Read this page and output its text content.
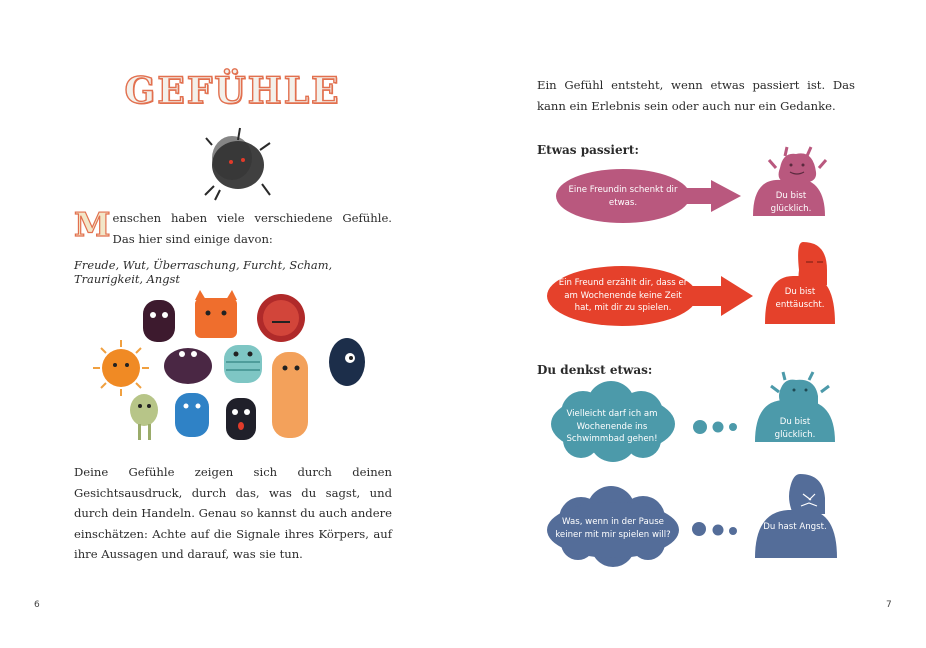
GEFÜHLE
Menschen haben viele verschiedene Gefühle. Das hier sind einige davon:
Freude, Wut, Überraschung, Furcht, Scham, Traurigkeit, Angst
Deine Gefühle zeigen sich durch deinen Gesichtsausdruck, durch das, was du sagst, und durch dein Handeln. Genau so kannst du auch andere einschätzen: Achte auf die Signale ihres Körpers, auf ihre Aussagen und darauf, was sie tun.
6
Ein Gefühl entsteht, wenn etwas passiert ist. Das kann ein Erlebnis sein oder auch nur ein Gedanke.
Etwas passiert:
Du denkst etwas:
Eine Freundin schenkt dir etwas.
Du bist glücklich.
Ein Freund erzählt dir, dass er am Wochenende keine Zeit hat, mit dir zu spielen.
Du bist enttäuscht.
Vielleicht darf ich am Wochenende ins Schwimmbad gehen!
Du bist glücklich.
Was, wenn in der Pause keiner mit mir spielen will?
Du hast Angst.
7
